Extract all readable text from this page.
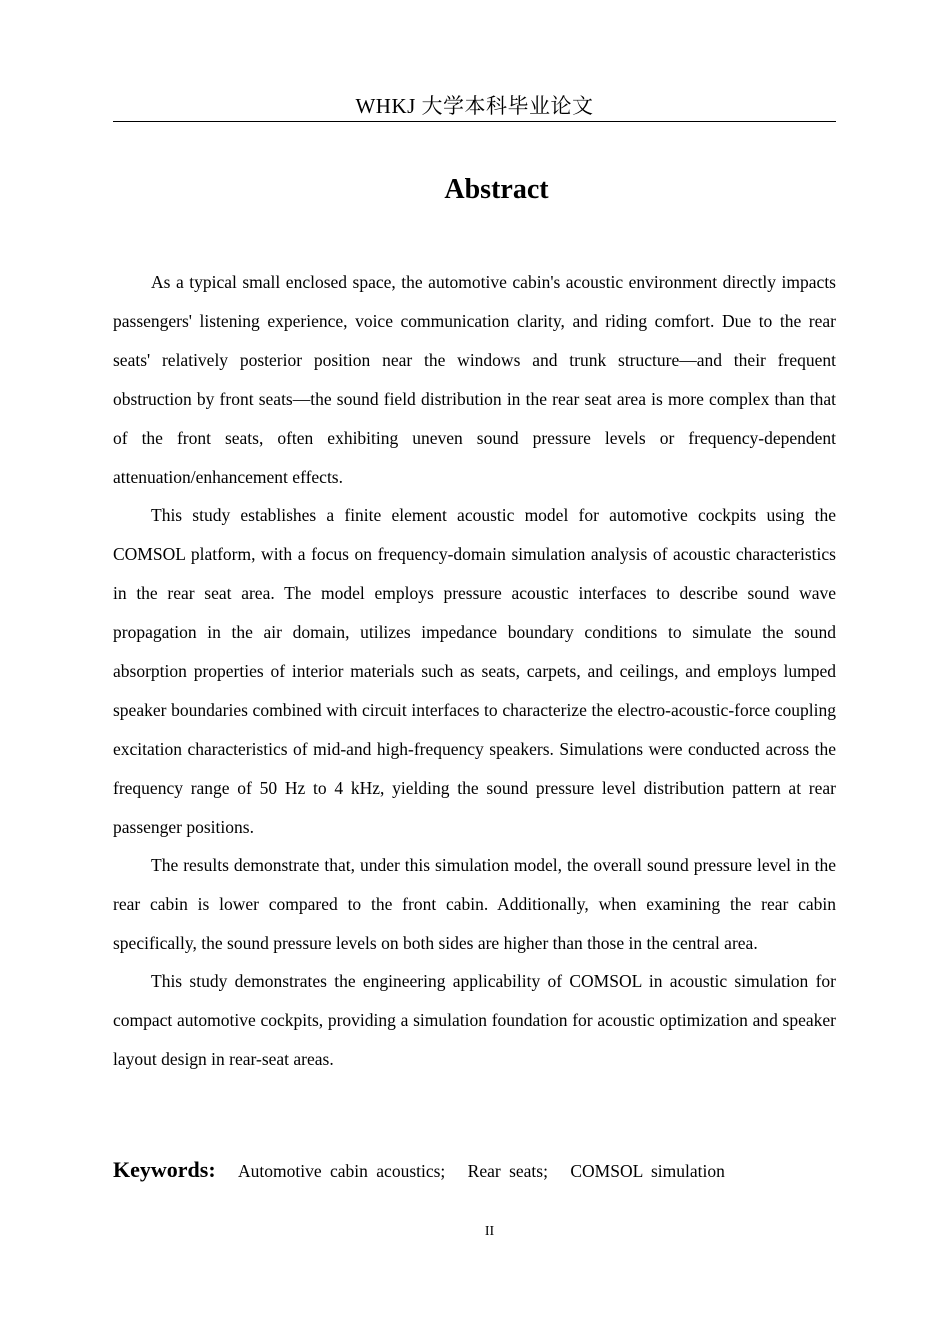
WHKJ 大学本科毕业论文
Abstract

As a typical small enclosed space, the automotive cabin's acoustic environment directly impacts passengers' listening experience, voice communication clarity, and riding comfort. Due to the rear seats' relatively posterior position near the windows and trunk structure—and their frequent obstruction by front seats—the sound field distribution in the rear seat area is more complex than that of the front seats, often exhibiting uneven sound pressure levels or frequency-dependent attenuation/enhancement effects.

This study establishes a finite element acoustic model for automotive cockpits using the COMSOL platform, with a focus on frequency-domain simulation analysis of acoustic characteristics in the rear seat area. The model employs pressure acoustic interfaces to describe sound wave propagation in the air domain, utilizes impedance boundary conditions to simulate the sound absorption properties of interior materials such as seats, carpets, and ceilings, and employs lumped speaker boundaries combined with circuit interfaces to characterize the electro-acoustic-force coupling excitation characteristics of mid-and high-frequency speakers. Simulations were conducted across the frequency range of 50 Hz to 4 kHz, yielding the sound pressure level distribution pattern at rear passenger positions.

The results demonstrate that, under this simulation model, the overall sound pressure level in the rear cabin is lower compared to the front cabin. Additionally, when examining the rear cabin specifically, the sound pressure levels on both sides are higher than those in the central area.

This study demonstrates the engineering applicability of COMSOL in acoustic simulation for compact automotive cockpits, providing a simulation foundation for acoustic optimization and speaker layout design in rear-seat areas.

Keywords: Automotive cabin acoustics; Rear seats; COMSOL simulation
II
